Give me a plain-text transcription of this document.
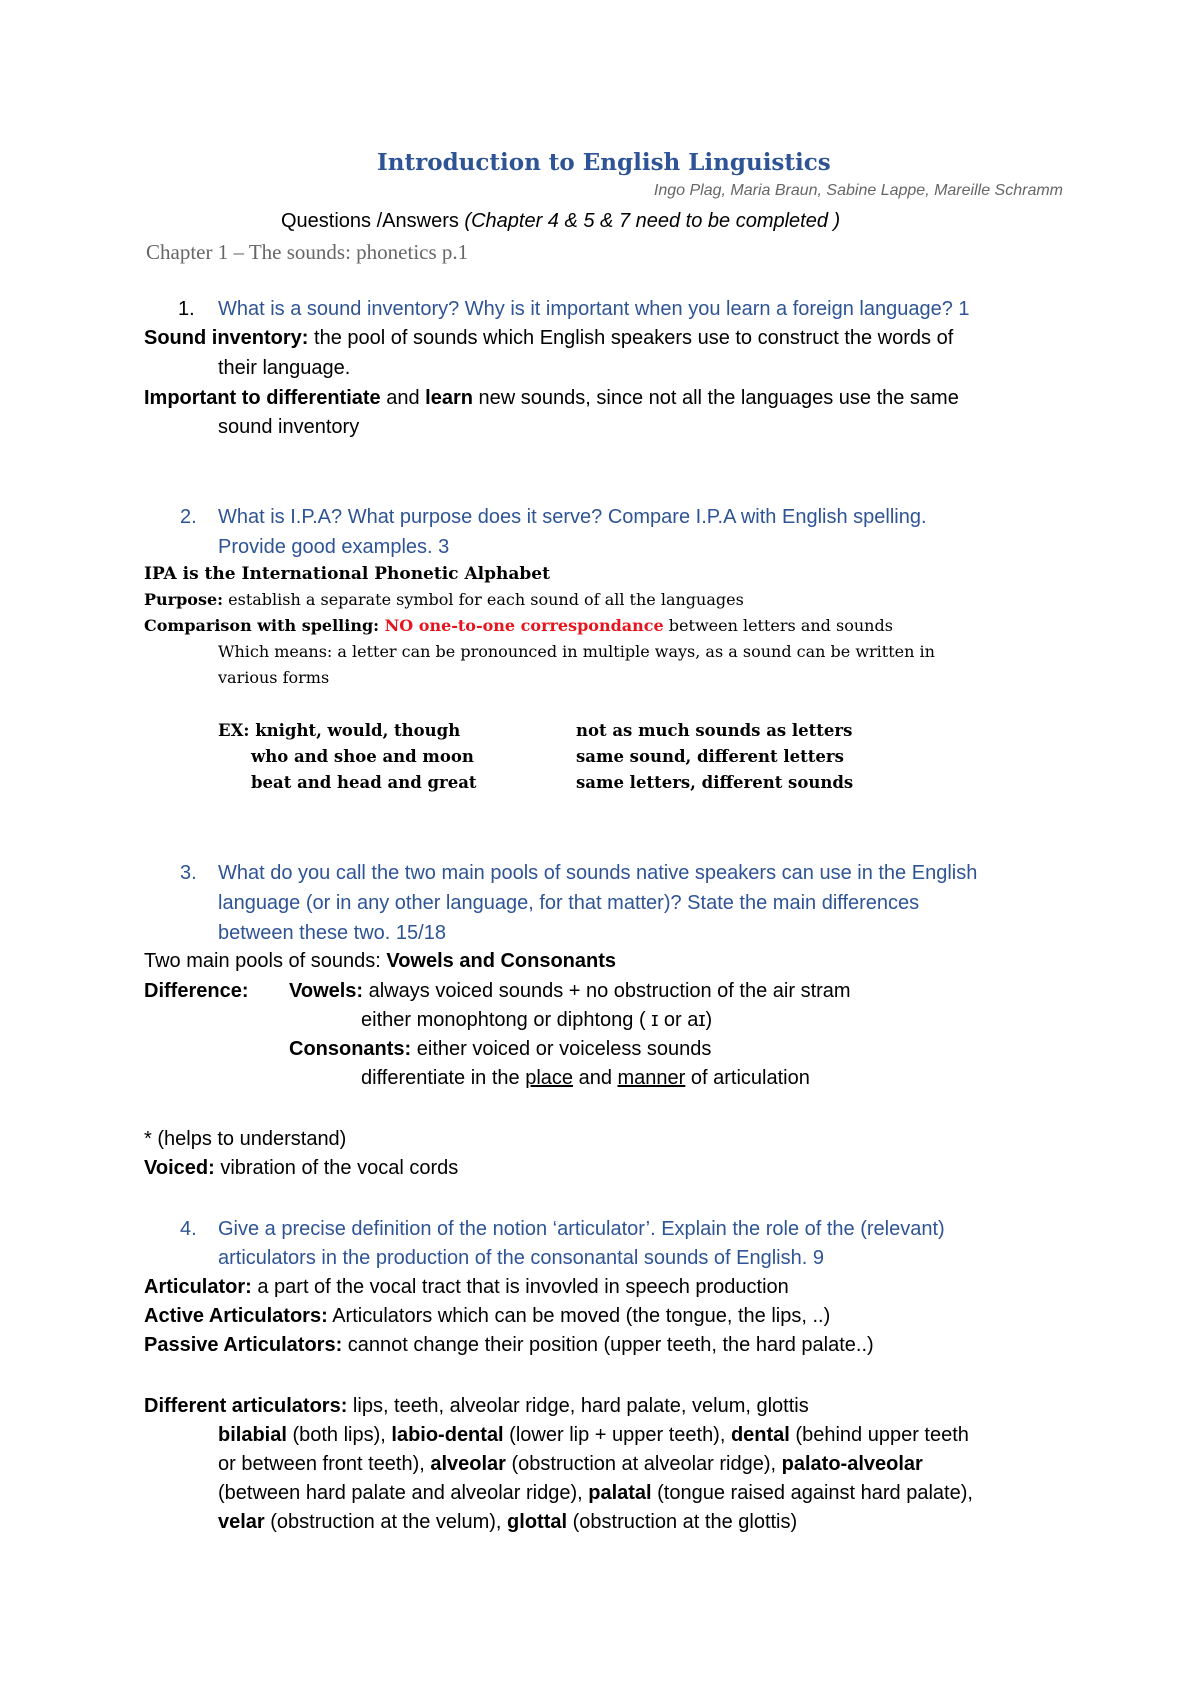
Introduction to English Linguistics
Ingo Plag, Maria Braun, Sabine Lappe, Mareille Schramm
Questions /Answers (Chapter 4 & 5 & 7 need to be completed )
Chapter 1 – The sounds: phonetics p.1
1. What is a sound inventory? Why is it important when you learn a foreign language? 1
Sound inventory: the pool of sounds which English speakers use to construct the words of
their language.
Important to differentiate and learn new sounds, since not all the languages use the same
sound inventory
2. What is I.P.A? What purpose does it serve? Compare I.P.A with English spelling.
Provide good examples. 3
IPA is the International Phonetic Alphabet
Purpose: establish a separate symbol for each sound of all the languages
Comparison with spelling: NO one-to-one correspondance between letters and sounds
Which means: a letter can be pronounced in multiple ways, as a sound can be written in
various forms
EX: knight, would, though	not as much sounds as letters
who and shoe and moon	same sound, different letters
beat and head and great	same letters, different sounds
3. What do you call the two main pools of sounds native speakers can use in the English
language (or in any other language, for that matter)? State the main differences
between these two. 15/18
Two main pools of sounds: Vowels and Consonants
Difference: Vowels: always voiced sounds + no obstruction of the air stram
either monophtong or diphtong ( ɪ or aɪ)
Consonants: either voiced or voiceless sounds
differentiate in the place and manner of articulation
* (helps to understand)
Voiced: vibration of the vocal cords
4. Give a precise definition of the notion ‘articulator’. Explain the role of the (relevant)
articulators in the production of the consonantal sounds of English. 9
Articulator: a part of the vocal tract that is invovled in speech production
Active Articulators: Articulators which can be moved (the tongue, the lips, ..)
Passive Articulators: cannot change their position (upper teeth, the hard palate..)
Different articulators: lips, teeth, alveolar ridge, hard palate, velum, glottis
bilabial (both lips), labio-dental (lower lip + upper teeth), dental (behind upper teeth
or between front teeth), alveolar (obstruction at alveolar ridge), palato-alveolar
(between hard palate and alveolar ridge), palatal (tongue raised against hard palate),
velar (obstruction at the velum), glottal (obstruction at the glottis)
